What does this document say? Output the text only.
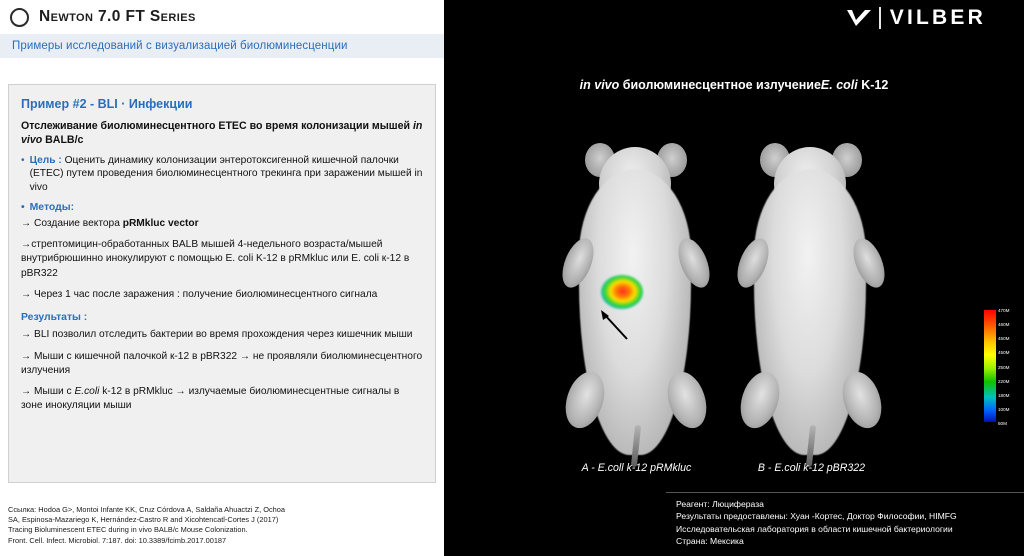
Newton 7.0 FT Series
Примеры исследований с визуализацией биолюминесценции
Пример #2 - BLI · Инфекции
Отслеживание биолюминесцентного ETEC во время колонизации мышей in vivo BALB/c
• Цель : Оценить динамику колонизации энтеротоксигенной кишечной палочки (ETEC) путем проведения биолюминесцентного трекинга при заражении мышей in vivo
• Методы:
→ Создание вектора pRMkluc vector
→стрептомицин-обработанных BALB мышей 4-недельного возраста/мышей внутрибрюшинно инокулируют с помощью E. coli K-12 в pRMkluc или E. coli к-12 в pBR322
→ Через 1 час после заражения : получение биолюминесцентного сигнала
Результаты :
→ BLI позволил отследить бактерии во время прохождения через кишечник мыши
→ Мыши с кишечной палочкой к-12 в pBR322 → не проявляли биолюминесцентного излучения
→ Мыши с E.coli k-12 в pRMkluc → излучаемые биолюминесцентные сигналы в зоне инокуляции мыши
Ссылка: Hodoa G>, Montoi Infante KK, Cruz Córdova A, Saldaña Ahuactzi Z, Ochoa
SA, Espinosa-Mazariego K, Hernández-Castro R and Xicohtencatl-Cortes J (2017)
Tracing Bioluminescent ETEC during in vivo BALB/c Mouse Colonization.
Front. Cell. Infect. Microbiol. 7:187. doi: 10.3389/fcimb.2017.00187
VILBER
in vivo биолюминесцентное излучениеE. coli K-12
A - E.coll k-12 pRMkluc	B - E.coli k-12 pBR322
470M
460M
450M
450M
250M
220M
180M
100M
50M
Реагент: Люцифераза
Результаты предоставлены: Хуан -Кортес, Доктор Философии, HIMFG
Исследовательская лаборатория в области кишечной бактериологии
Страна: Мексика
